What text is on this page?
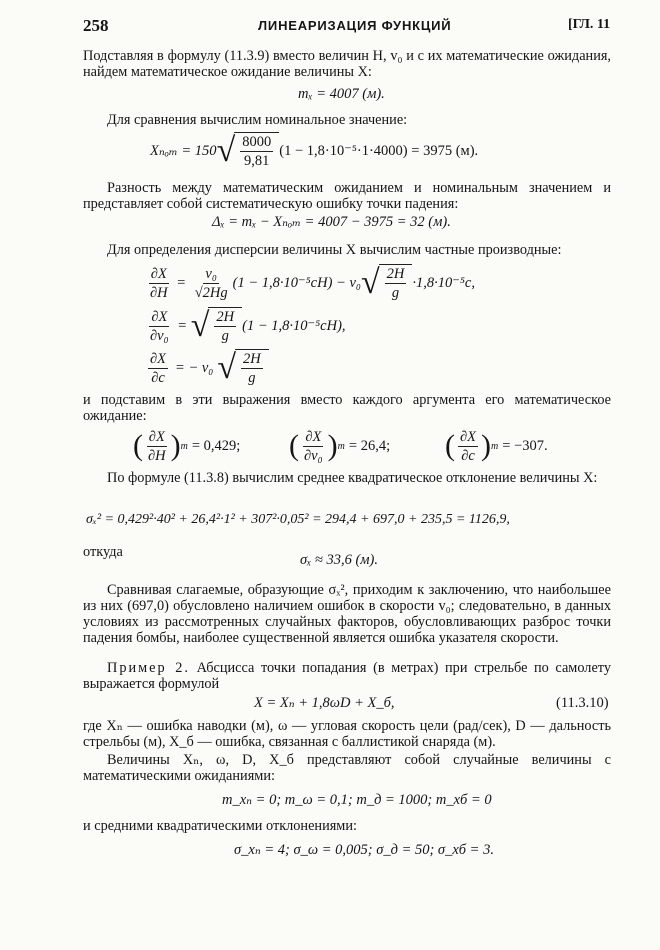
258	ЛИНЕАРИЗАЦИЯ ФУНКЦИЙ	[ГЛ. 11
Подставляя в формулу (11.3.9) вместо величин H, v₀ и c их математические ожидания, найдем математическое ожидание величины X:
mₓ = 4007 (м).
Для сравнения вычислим номинальное значение:
Xₙₒₘ = 150 √ $\frac{8000}{9,81} (1 - 1,8\cdot 10^{-5}\cdot 1\cdot 4000) = 3975$ (м).
Разность между математическим ожиданием и номинальным значением и представляет собой систематическую ошибку точки падения:
Δₓ = mₓ − Xₙₒₘ = 4007 − 3975 = 32 (м).
Для определения дисперсии величины X вычислим частные производные:
$\frac{\partial X}{\partial H} = \frac{\text{v₀}}{√2Hg} (1 - 1,8\cdot 10^{-5}cH) - v_0$ √ $\frac{2H}{g} \cdot 1,8\cdot 10^{-5}c$,
$\frac{\partial X}{\text{∂v₀}}$ = √ $\frac{2H}{g} (1 - 1,8\cdot 10^{-5}cH)$,
$\frac{\partial X}{\partial c}$ = − v₀ √ $\frac{2H}{g}$
и подставим в эти выражения вместо каждого аргумента его математическое ожидание:
( $\frac{\partial X}{\partial H}$ ) m = 0,429; ( $\frac{\partial X}{\text{∂v₀}}$ ) m = 26,4; ( $\frac{\partial X}{\partial c}$ ) m = −307.
По формуле (11.3.8) вычислим среднее квадратическое отклонение величины X:
σₓ² = 0,429²·40² + 26,4²·1² + 307²·0,05² = 294,4 + 697,0 + 235,5 = 1126,9,
откуда	σₓ ≈ 33,6 (м).
Сравнивая слагаемые, образующие σₓ², приходим к заключению, что наибольшее из них (697,0) обусловлено наличием ошибок в скорости v₀; следовательно, в данных условиях из рассмотренных случайных факторов, обусловливающих разброс точки падения бомбы, наиболее существенной является ошибка указателя скорости.
Пример 2. Абсцисса точки попадания (в метрах) при стрельбе по самолету выражается формулой
X = Xₙ + 1,8ωD + X_б,	(11.3.10)
где Xₙ — ошибка наводки (м), ω — угловая скорость цели (рад/сек), D — дальность стрельбы (м), X_б — ошибка, связанная с баллистикой снаряда (м).
Величины Xₙ, ω, D, X_б представляют собой случайные величины с математическими ожиданиями:
m_xₙ = 0; m_ω = 0,1; m_д = 1000; m_xб = 0
и средними квадратическими отклонениями:
σ_xₙ = 4; σ_ω = 0,005; σ_д = 50; σ_xб = 3.
